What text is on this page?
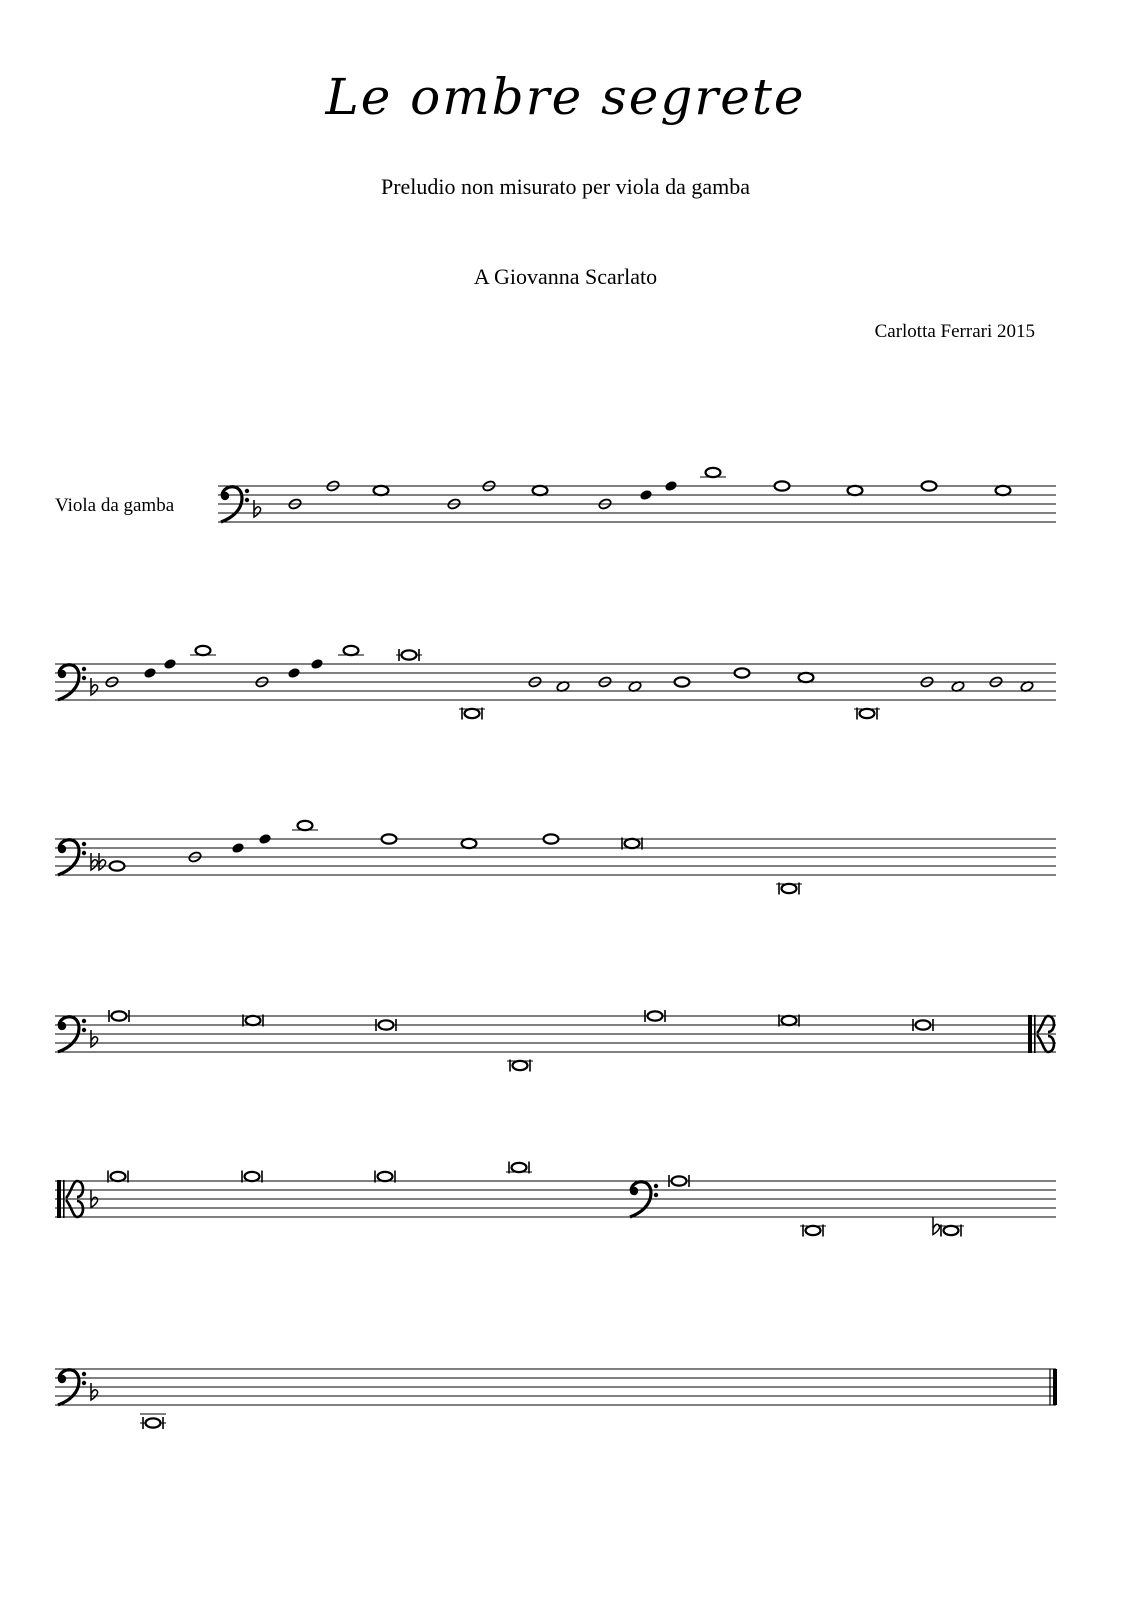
Le ombre segrete
Preludio non misurato per viola da gamba
A Giovanna Scarlato
Carlotta Ferrari 2015
Viola da gamba
